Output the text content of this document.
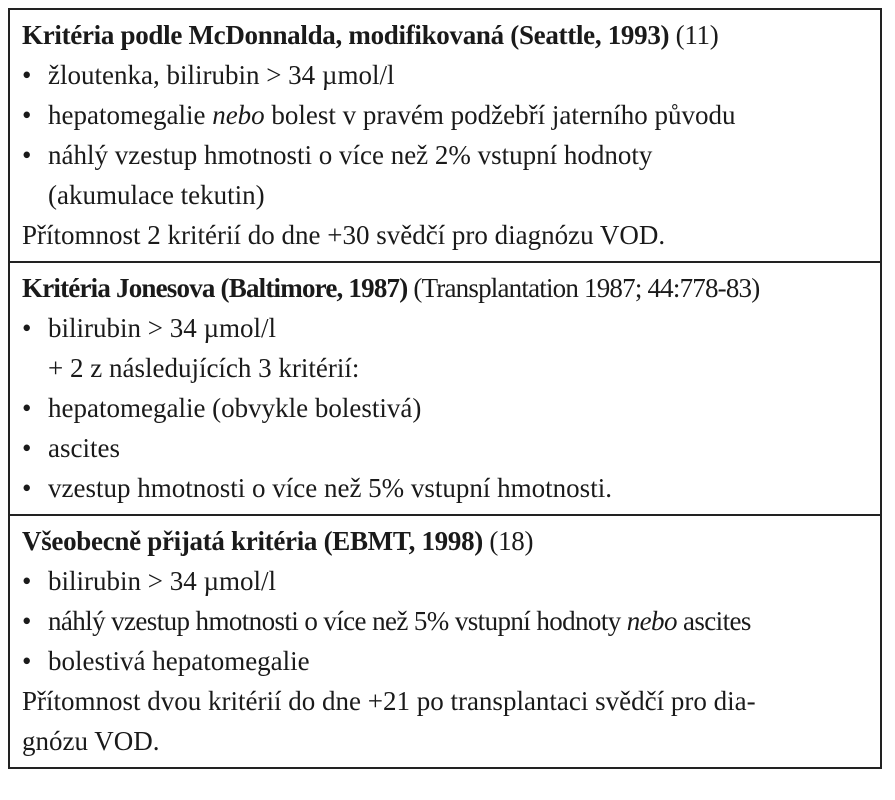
Kritéria podle McDonnalda, modifikovaná (Seattle, 1993) (11)
• žloutenka, bilirubin > 34 µmol/l
• hepatomegalie nebo bolest v pravém podžebří jaterního původu
• náhlý vzestup hmotnosti o více než 2% vstupní hodnoty
(akumulace tekutin)
Přítomnost 2 kritérií do dne +30 svědčí pro diagnózu VOD.
Kritéria Jonesova (Baltimore, 1987) (Transplantation 1987; 44:778-83)
• bilirubin > 34 µmol/l
+ 2 z následujících 3 kritérií:
• hepatomegalie (obvykle bolestivá)
• ascites
• vzestup hmotnosti o více než 5% vstupní hmotnosti.
Všeobecně přijatá kritéria (EBMT, 1998) (18)
• bilirubin > 34 µmol/l
• náhlý vzestup hmotnosti o více než 5% vstupní hodnoty nebo ascites
• bolestivá hepatomegalie
Přítomnost dvou kritérií do dne +21 po transplantaci svědčí pro dia-
gnózu VOD.
